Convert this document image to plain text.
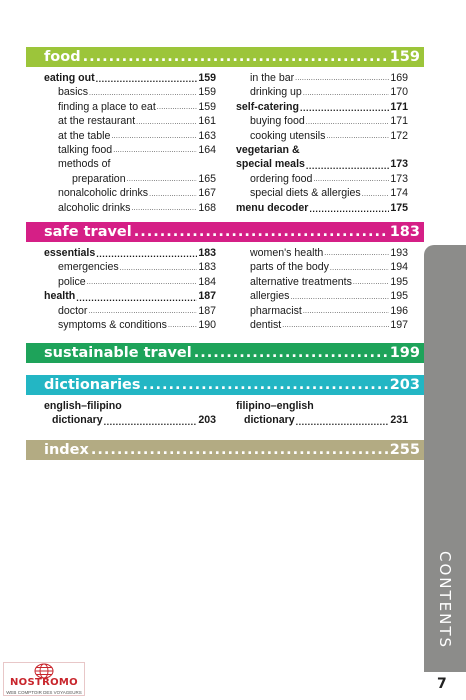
food .....	159
eating out .....	159
basics .....	159
finding a place to eat .....	159
at the restaurant .....	161
at the table .....	163
talking food .....	164
methods of
preparation .....	165
nonalcoholic drinks .....	167
alcoholic drinks .....	168
in the bar .....	169
drinking up .....	170
self-catering .....	171
buying food .....	171
cooking utensils .....	172
vegetarian &
special meals .....	173
ordering food .....	173
special diets & allergies .....	174
menu decoder .....	175
safe travel .....	183
essentials .....	183
emergencies .....	183
police .....	184
health .....	187
doctor .....	187
symptoms & conditions .....	190
women's health .....	193
parts of the body .....	194
alternative treatments .....	195
allergies .....	195
pharmacist .....	196
dentist .....	197
sustainable travel .....	199
dictionaries .....	203
english–filipino
dictionary .....	203
filipino–english
dictionary .....	231
index .....	255
CONTENTS
7
NOSTROMO
WEB COMPTOIR DES VOYAGEURS
